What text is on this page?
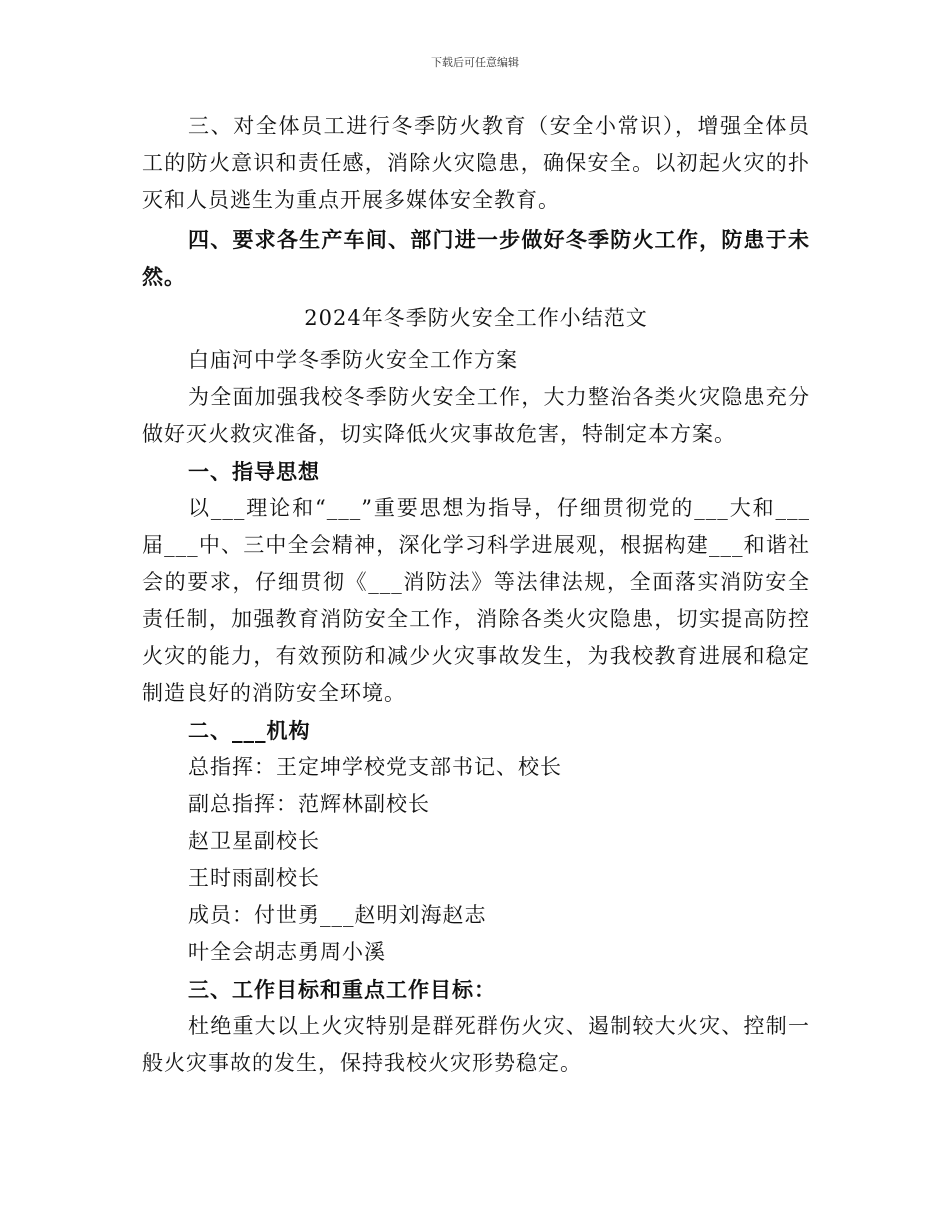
下载后可任意编辑

三、对全体员工进行冬季防火教育（安全小常识），增强全体员工的防火意识和责任感，消除火灾隐患，确保安全。以初起火灾的扑灭和人员逃生为重点开展多媒体安全教育。

四、要求各生产车间、部门进一步做好冬季防火工作，防患于未然。

2024年冬季防火安全工作小结范文

白庙河中学冬季防火安全工作方案

为全面加强我校冬季防火安全工作，大力整治各类火灾隐患充分做好灭火救灾准备，切实降低火灾事故危害，特制定本方案。

一、指导思想

以___理论和“___”重要思想为指导，仔细贯彻党的___大和___届___中、三中全会精神，深化学习科学进展观，根据构建___和谐社会的要求，仔细贯彻《___消防法》等法律法规，全面落实消防安全责任制，加强教育消防安全工作，消除各类火灾隐患，切实提高防控火灾的能力，有效预防和减少火灾事故发生，为我校教育进展和稳定制造良好的消防安全环境。

二、___机构

总指挥：王定坤学校党支部书记、校长

副总指挥：范辉林副校长

赵卫星副校长

王时雨副校长

成员：付世勇___赵明刘海赵志

叶全会胡志勇周小溪

三、工作目标和重点工作目标：

杜绝重大以上火灾特别是群死群伤火灾、遏制较大火灾、控制一般火灾事故的发生，保持我校火灾形势稳定。
